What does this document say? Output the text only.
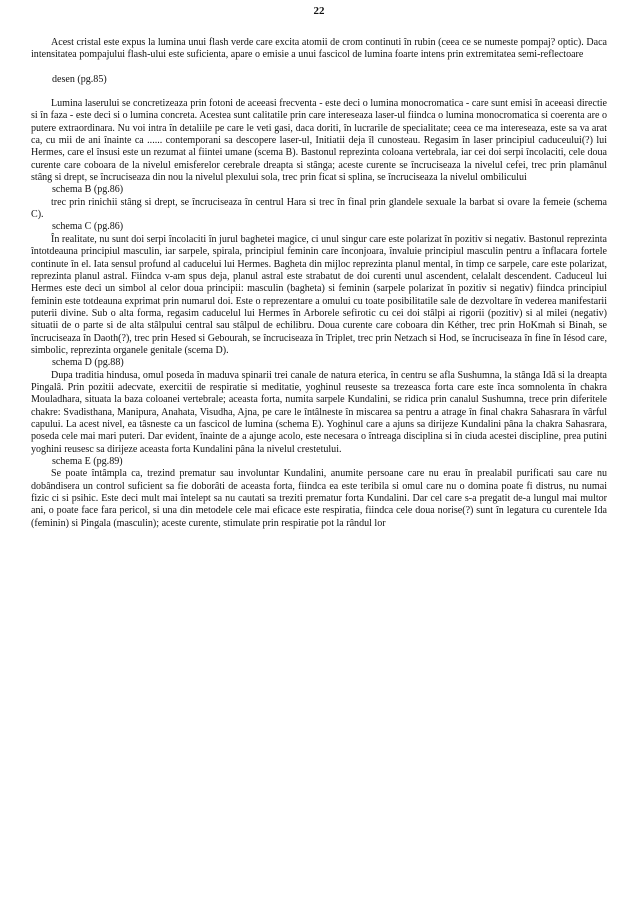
22
Acest cristal este expus la lumina unui flash verde care excita atomii de crom continuti în rubin (ceea ce se numeste pompaj? optic). Daca intensitatea pompajului flash-ului este suficienta, apare o emisie a unui fascicol de lumina foarte intens prin extremitatea semi-reflectoare
desen (pg.85)
Lumina laserului se concretizeaza prin fotoni de aceeasi frecventa - este deci o lumina monocromatica - care sunt emisi în aceeasi directie si în faza - este deci si o lumina concreta. Acestea sunt calitatile prin care intereseaza laser-ul fiindca o lumina monocromatica si coerenta are o putere extraordinara. Nu voi intra în detaliile pe care le veti gasi, daca doriti, în lucrarile de specialitate; ceea ce ma intereseaza, este sa va arat ca, cu mii de ani înainte ca ...... contemporani sa descopere laser-ul, Initiatii deja îl cunosteau. Regasim în laser principiul caduceului(?) lui Hermes, care el însusi este un rezumat al fiintei umane (scema B). Bastonul reprezinta coloana vertebrala, iar cei doi serpi încolaciti, cele doua curente care coboara de la nivelul emisferelor cerebrale dreapta si stânga; aceste curente se încruciseaza la nivelul cefei, trec prin plamânul stâng si drept, se încruciseaza din nou la nivelul plexului sola, trec prin ficat si splina, se încruciseaza la nivelul ombilicului
schema B (pg.86)
trec prin rinichii stâng si drept, se încruciseaza în centrul Hara si trec în final prin glandele sexuale la barbat si ovare la femeie (schema C).
schema C (pg.86)
În realitate, nu sunt doi serpi încolaciti în jurul baghetei magice, ci unul singur care este polarizat în pozitiv si negativ. Bastonul reprezinta întotdeauna principiul masculin, iar sarpele, spirala, principiul feminin care înconjoara, învaluie principiul masculin pentru a înflacara fortele continute în el. Iata sensul profund al caducelui lui Hermes. Bagheta din mijloc reprezinta planul mental, în timp ce sarpele, care este polarizat, reprezinta planul astral. Fiindca v-am spus deja, planul astral este strabatut de doi curenti unul ascendent, celalalt descendent. Caduceul lui Hermes este deci un simbol al celor doua principii: masculin (bagheta) si feminin (sarpele polarizat în pozitiv si negativ) fiindca principiul feminin este totdeauna exprimat prin numarul doi. Este o reprezentare a omului cu toate posibilitatile sale de dezvoltare în vederea manifestarii puterii divine. Sub o alta forma, regasim caducelul lui Hermes în Arborele sefirotic cu cei doi stâlpi ai rigorii (pozitiv) si al milei (negativ) situatii de o parte si de alta stâlpului central sau stâlpul de echilibru. Doua curente care coboara din Kéther, trec prin HoKmah si Binah, se încruciseaza în Daoth(?), trec prin Hesed si Gebourah, se încruciseaza în Triplet, trec prin Netzach si Hod, se încruciseaza în fine în Iésod care, simbolic, reprezinta organele genitale (scema D).
schema D (pg.88)
Dupa traditia hindusa, omul poseda în maduva spinarii trei canale de natura eterica, în centru se afla Sushumna, la stânga Idâ si la dreapta Pingalâ. Prin pozitii adecvate, exercitii de respiratie si meditatie, yoghinul reuseste sa trezeasca forta care este înca somnolenta în chakra Mouladhara, situata la baza coloanei vertebrale; aceasta forta, numita sarpele Kundalini, se ridica prin canalul Sushumna, trece prin diferitele chakre: Svadisthana, Manipura, Anahata, Visudha, Ajna, pe care le întâlneste în miscarea sa pentru a atrage în final chakra Sahasrara în vârful capului. La acest nivel, ea tâsneste ca un fascicol de lumina (schema E). Yoghinul care a ajuns sa dirijeze Kundalini pâna la chakra Sahasrara, poseda cele mai mari puteri. Dar evident, înainte de a ajunge acolo, este necesara o întreaga disciplina si în ciuda acestei discipline, prea putini yoghini reusesc sa dirijeze aceasta forta Kundalini pâna la nivelul crestetului.
schema E (pg.89)
Se poate întâmpla ca, trezind prematur sau involuntar Kundalini, anumite persoane care nu erau în prealabil purificati sau care nu dobândisera un control suficient sa fie doborâti de aceasta forta, fiindca ea este teribila si omul care nu o domina poate fi distrus, nu numai fizic ci si psihic. Este deci mult mai întelept sa nu cautati sa treziti prematur forta Kundalini. Dar cel care s-a pregatit de-a lungul mai multor ani, o poate face fara pericol, si una din metodele cele mai eficace este respiratia, fiindca cele doua norise(?) sunt în legatura cu curentele Ida (feminin) si Pingala (masculin); aceste curente, stimulate prin respiratie pot la rândul lor
